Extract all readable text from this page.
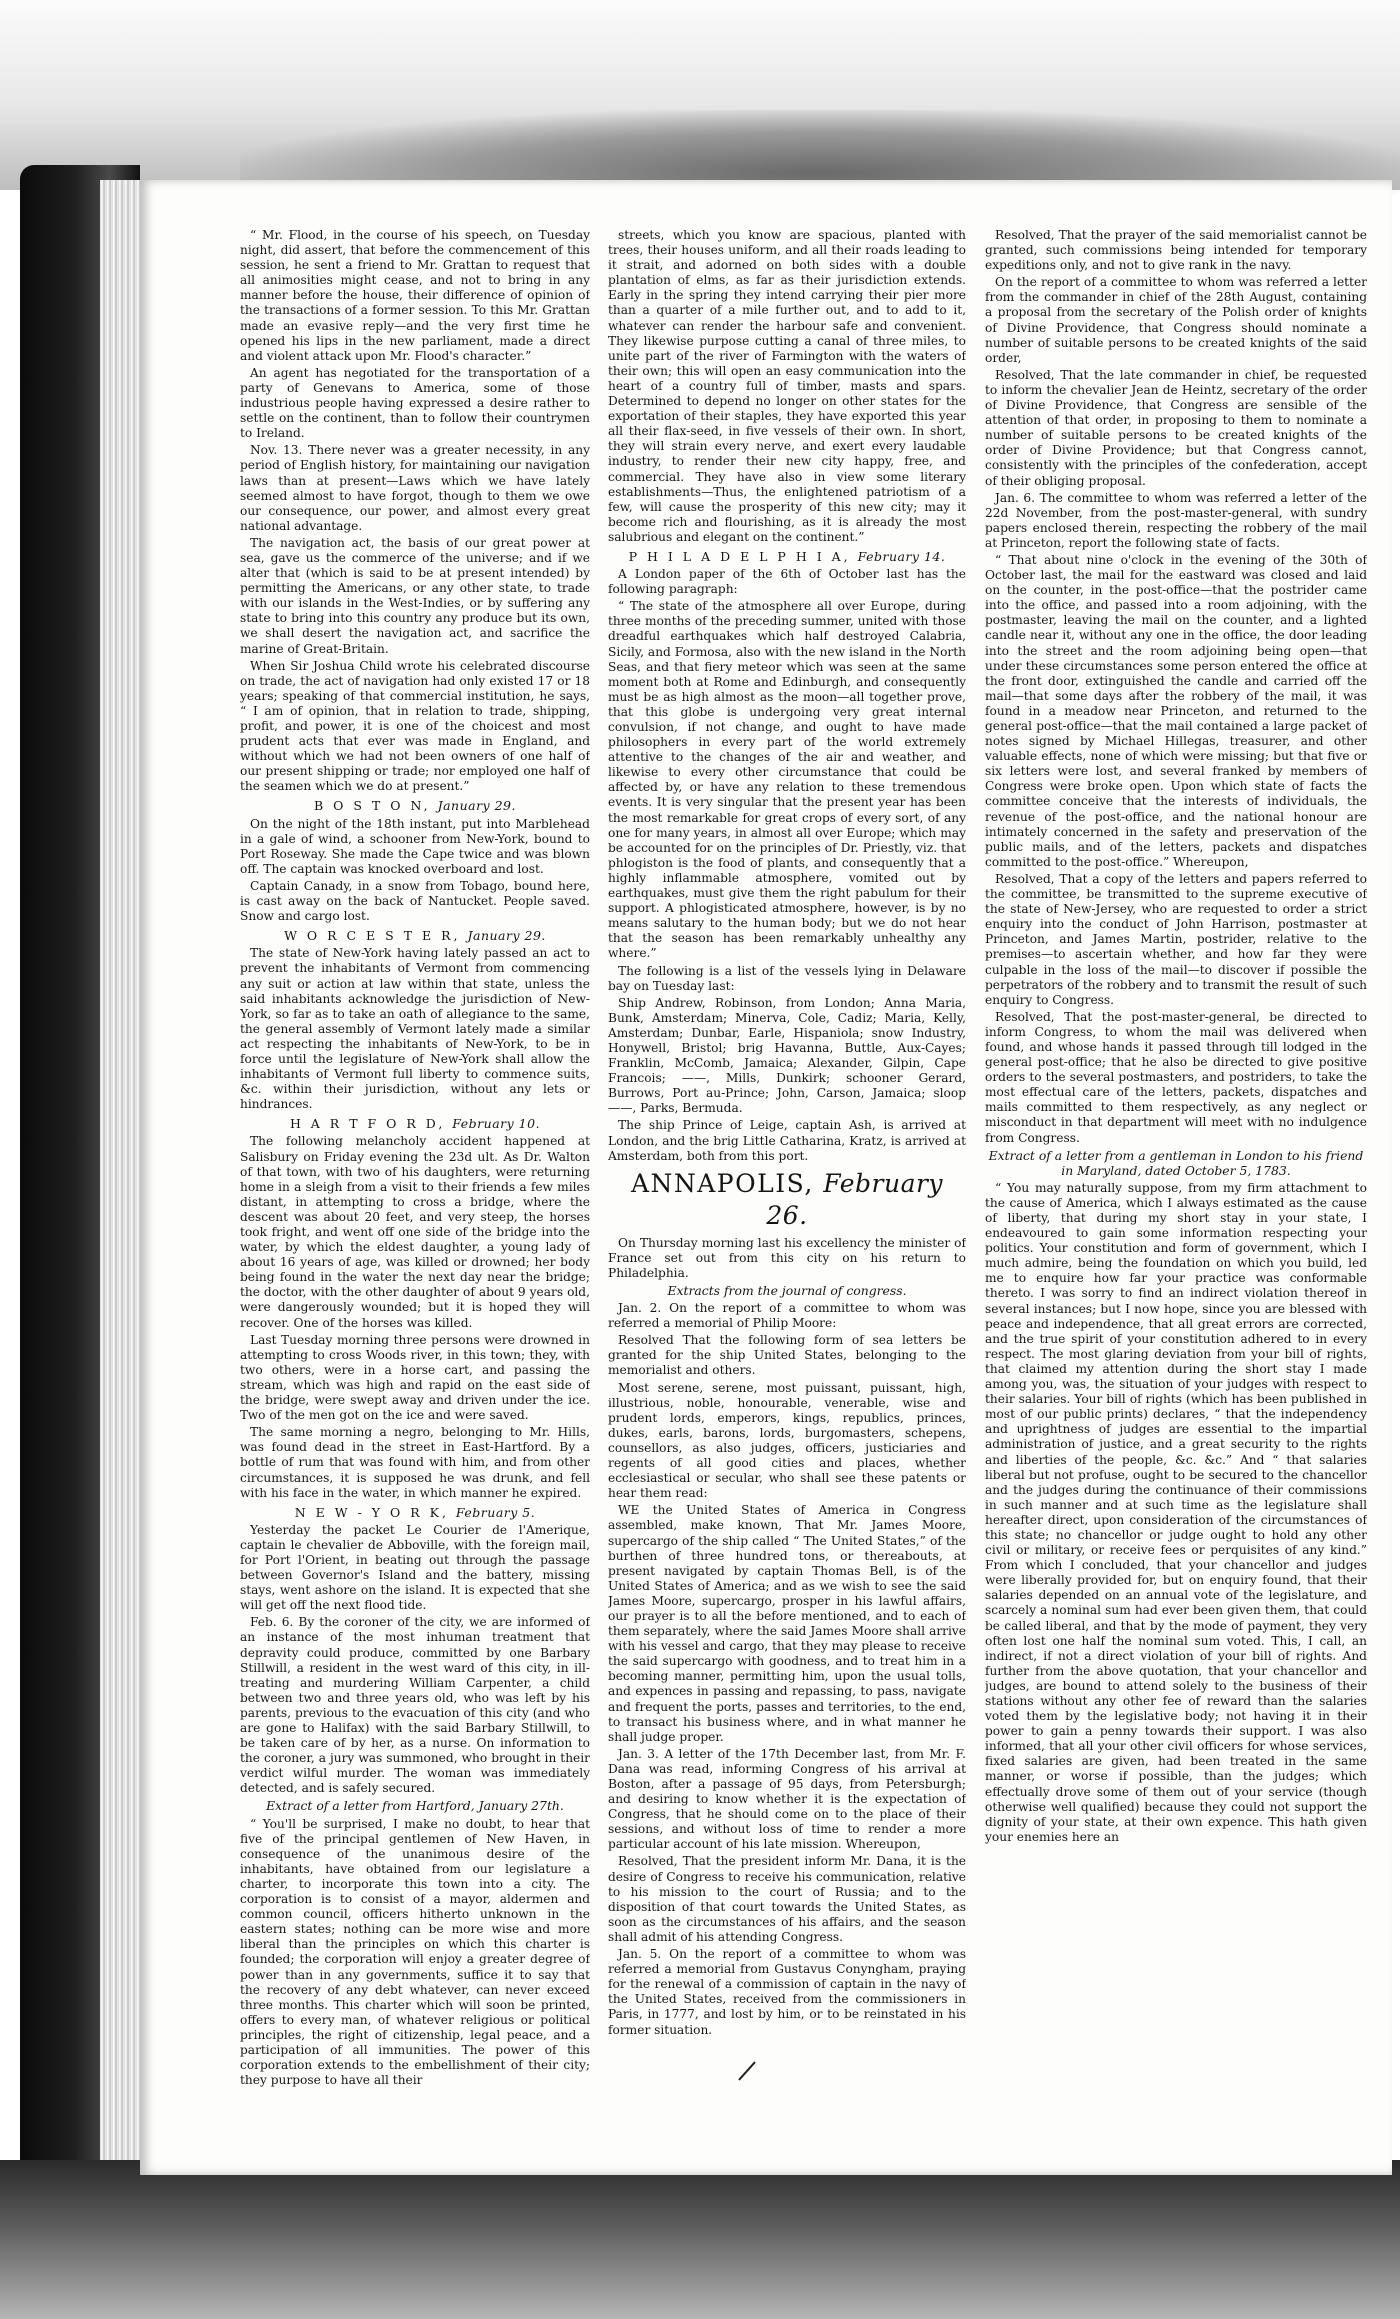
“ Mr. Flood, in the course of his speech, on Tuesday night, did assert, that before the commencement of this session, he sent a friend to Mr. Grattan to request that all animosities might cease, and not to bring in any manner before the house, their difference of opinion of the transactions of a former session. To this Mr. Grattan made an evasive reply—and the very first time he opened his lips in the new parliament, made a direct and violent attack upon Mr. Flood's character.”

An agent has negotiated for the transportation of a party of Genevans to America, some of those industrious people having expressed a desire rather to settle on the continent, than to follow their countrymen to Ireland.

Nov. 13. There never was a greater necessity, in any period of English history, for maintaining our navigation laws than at present—Laws which we have lately seemed almost to have forgot, though to them we owe our consequence, our power, and almost every great national advantage.

The navigation act, the basis of our great power at sea, gave us the commerce of the universe; and if we alter that (which is said to be at present intended) by permitting the Americans, or any other state, to trade with our islands in the West-Indies, or by suffering any state to bring into this country any produce but its own, we shall desert the navigation act, and sacrifice the marine of Great-Britain.

When Sir Joshua Child wrote his celebrated discourse on trade, the act of navigation had only existed 17 or 18 years; speaking of that commercial institution, he says, “ I am of opinion, that in relation to trade, shipping, profit, and power, it is one of the choicest and most prudent acts that ever was made in England, and without which we had not been owners of one half of our present shipping or trade; nor employed one half of the seamen which we do at present.”

B O S T O N, January 29.

On the night of the 18th instant, put into Marblehead in a gale of wind, a schooner from New-York, bound to Port Roseway. She made the Cape twice and was blown off. The captain was knocked overboard and lost.

Captain Canady, in a snow from Tobago, bound here, is cast away on the back of Nantucket. People saved. Snow and cargo lost.

W O R C E S T E R, January 29.

The state of New-York having lately passed an act to prevent the inhabitants of Vermont from commencing any suit or action at law within that state, unless the said inhabitants acknowledge the jurisdiction of New-York, so far as to take an oath of allegiance to the same, the general assembly of Vermont lately made a similar act respecting the inhabitants of New-York, to be in force until the legislature of New-York shall allow the inhabitants of Vermont full liberty to commence suits, &c. within their jurisdiction, without any lets or hindrances.

H A R T F O R D, February 10.

The following melancholy accident happened at Salisbury on Friday evening the 23d ult. As Dr. Walton of that town, with two of his daughters, were returning home in a sleigh from a visit to their friends a few miles distant, in attempting to cross a bridge, where the descent was about 20 feet, and very steep, the horses took fright, and went off one side of the bridge into the water, by which the eldest daughter, a young lady of about 16 years of age, was killed or drowned; her body being found in the water the next day near the bridge; the doctor, with the other daughter of about 9 years old, were dangerously wounded; but it is hoped they will recover. One of the horses was killed.

Last Tuesday morning three persons were drowned in attempting to cross Woods river, in this town; they, with two others, were in a horse cart, and passing the stream, which was high and rapid on the east side of the bridge, were swept away and driven under the ice. Two of the men got on the ice and were saved.

The same morning a negro, belonging to Mr. Hills, was found dead in the street in East-Hartford. By a bottle of rum that was found with him, and from other circumstances, it is supposed he was drunk, and fell with his face in the water, in which manner he expired.

N E W - Y O R K, February 5.

Yesterday the packet Le Courier de l'Amerique, captain le chevalier de Abboville, with the foreign mail, for Port l'Orient, in beating out through the passage between Governor's Island and the battery, missing stays, went ashore on the island. It is expected that she will get off the next flood tide.

Feb. 6. By the coroner of the city, we are informed of an instance of the most inhuman treatment that depravity could produce, committed by one Barbary Stillwill, a resident in the west ward of this city, in ill-treating and murdering William Carpenter, a child between two and three years old, who was left by his parents, previous to the evacuation of this city (and who are gone to Halifax) with the said Barbary Stillwill, to be taken care of by her, as a nurse. On information to the coroner, a jury was summoned, who brought in their verdict wilful murder. The woman was immediately detected, and is safely secured.

Extract of a letter from Hartford, January 27th.

“ You'll be surprised, I make no doubt, to hear that five of the principal gentlemen of New Haven, in consequence of the unanimous desire of the inhabitants, have obtained from our legislature a charter, to incorporate this town into a city. The corporation is to consist of a mayor, aldermen and common council, officers hitherto unknown in the eastern states; nothing can be more wise and more liberal than the principles on which this charter is founded; the corporation will enjoy a greater degree of power than in any governments, suffice it to say that the recovery of any debt whatever, can never exceed three months. This charter which will soon be printed, offers to every man, of whatever religious or political principles, the right of citizenship, legal peace, and a participation of all immunities. The power of this corporation extends to the embellishment of their city; they purpose to have all their

streets, which you know are spacious, planted with trees, their houses uniform, and all their roads leading to it strait, and adorned on both sides with a double plantation of elms, as far as their jurisdiction extends. Early in the spring they intend carrying their pier more than a quarter of a mile further out, and to add to it, whatever can render the harbour safe and convenient. They likewise purpose cutting a canal of three miles, to unite part of the river of Farmington with the waters of their own; this will open an easy communication into the heart of a country full of timber, masts and spars. Determined to depend no longer on other states for the exportation of their staples, they have exported this year all their flax-seed, in five vessels of their own. In short, they will strain every nerve, and exert every laudable industry, to render their new city happy, free, and commercial. They have also in view some literary establishments—Thus, the enlightened patriotism of a few, will cause the prosperity of this new city; may it become rich and flourishing, as it is already the most salubrious and elegant on the continent.”

P H I L A D E L P H I A, February 14.

A London paper of the 6th of October last has the following paragraph:

“ The state of the atmosphere all over Europe, during three months of the preceding summer, united with those dreadful earthquakes which half destroyed Calabria, Sicily, and Formosa, also with the new island in the North Seas, and that fiery meteor which was seen at the same moment both at Rome and Edinburgh, and consequently must be as high almost as the moon—all together prove, that this globe is undergoing very great internal convulsion, if not change, and ought to have made philosophers in every part of the world extremely attentive to the changes of the air and weather, and likewise to every other circumstance that could be affected by, or have any relation to these tremendous events. It is very singular that the present year has been the most remarkable for great crops of every sort, of any one for many years, in almost all over Europe; which may be accounted for on the principles of Dr. Priestly, viz. that phlogiston is the food of plants, and consequently that a highly inflammable atmosphere, vomited out by earthquakes, must give them the right pabulum for their support. A phlogisticated atmosphere, however, is by no means salutary to the human body; but we do not hear that the season has been remarkably unhealthy any where.”

The following is a list of the vessels lying in Delaware bay on Tuesday last:

Ship Andrew, Robinson, from London; Anna Maria, Bunk, Amsterdam; Minerva, Cole, Cadiz; Maria, Kelly, Amsterdam; Dunbar, Earle, Hispaniola; snow Industry, Honywell, Bristol; brig Havanna, Buttle, Aux-Cayes; Franklin, McComb, Jamaica; Alexander, Gilpin, Cape Francois; ——, Mills, Dunkirk; schooner Gerard, Burrows, Port au-Prince; John, Carson, Jamaica; sloop ——, Parks, Bermuda.

The ship Prince of Leige, captain Ash, is arrived at London, and the brig Little Catharina, Kratz, is arrived at Amsterdam, both from this port.

ANNAPOLIS, February 26.

On Thursday morning last his excellency the minister of France set out from this city on his return to Philadelphia.

Extracts from the journal of congress.

Jan. 2. On the report of a committee to whom was referred a memorial of Philip Moore:

Resolved That the following form of sea letters be granted for the ship United States, belonging to the memorialist and others.

Most serene, serene, most puissant, puissant, high, illustrious, noble, honourable, venerable, wise and prudent lords, emperors, kings, republics, princes, dukes, earls, barons, lords, burgomasters, schepens, counsellors, as also judges, officers, justiciaries and regents of all good cities and places, whether ecclesiastical or secular, who shall see these patents or hear them read:

WE the United States of America in Congress assembled, make known, That Mr. James Moore, supercargo of the ship called “ The United States,” of the burthen of three hundred tons, or thereabouts, at present navigated by captain Thomas Bell, is of the United States of America; and as we wish to see the said James Moore, supercargo, prosper in his lawful affairs, our prayer is to all the before mentioned, and to each of them separately, where the said James Moore shall arrive with his vessel and cargo, that they may please to receive the said supercargo with goodness, and to treat him in a becoming manner, permitting him, upon the usual tolls, and expences in passing and repassing, to pass, navigate and frequent the ports, passes and territories, to the end, to transact his business where, and in what manner he shall judge proper.

Jan. 3. A letter of the 17th December last, from Mr. F. Dana was read, informing Congress of his arrival at Boston, after a passage of 95 days, from Petersburgh; and desiring to know whether it is the expectation of Congress, that he should come on to the place of their sessions, and without loss of time to render a more particular account of his late mission. Whereupon,

Resolved, That the president inform Mr. Dana, it is the desire of Congress to receive his communication, relative to his mission to the court of Russia; and to the disposition of that court towards the United States, as soon as the circumstances of his affairs, and the season shall admit of his attending Congress.

Jan. 5. On the report of a committee to whom was referred a memorial from Gustavus Conyngham, praying for the renewal of a commission of captain in the navy of the United States, received from the commissioners in Paris, in 1777, and lost by him, or to be reinstated in his former situation.

Resolved, That the prayer of the said memorialist cannot be granted, such commissions being intended for temporary expeditions only, and not to give rank in the navy.

On the report of a committee to whom was referred a letter from the commander in chief of the 28th August, containing a proposal from the secretary of the Polish order of knights of Divine Providence, that Congress should nominate a number of suitable persons to be created knights of the said order,

Resolved, That the late commander in chief, be requested to inform the chevalier Jean de Heintz, secretary of the order of Divine Providence, that Congress are sensible of the attention of that order, in proposing to them to nominate a number of suitable persons to be created knights of the order of Divine Providence; but that Congress cannot, consistently with the principles of the confederation, accept of their obliging proposal.

Jan. 6. The committee to whom was referred a letter of the 22d November, from the post-master-general, with sundry papers enclosed therein, respecting the robbery of the mail at Princeton, report the following state of facts.

“ That about nine o'clock in the evening of the 30th of October last, the mail for the eastward was closed and laid on the counter, in the post-office—that the postrider came into the office, and passed into a room adjoining, with the postmaster, leaving the mail on the counter, and a lighted candle near it, without any one in the office, the door leading into the street and the room adjoining being open—that under these circumstances some person entered the office at the front door, extinguished the candle and carried off the mail—that some days after the robbery of the mail, it was found in a meadow near Princeton, and returned to the general post-office—that the mail contained a large packet of notes signed by Michael Hillegas, treasurer, and other valuable effects, none of which were missing; but that five or six letters were lost, and several franked by members of Congress were broke open. Upon which state of facts the committee conceive that the interests of individuals, the revenue of the post-office, and the national honour are intimately concerned in the safety and preservation of the public mails, and of the letters, packets and dispatches committed to the post-office.” Whereupon,

Resolved, That a copy of the letters and papers referred to the committee, be transmitted to the supreme executive of the state of New-Jersey, who are requested to order a strict enquiry into the conduct of John Harrison, postmaster at Princeton, and James Martin, postrider, relative to the premises—to ascertain whether, and how far they were culpable in the loss of the mail—to discover if possible the perpetrators of the robbery and to transmit the result of such enquiry to Congress.

Resolved, That the post-master-general, be directed to inform Congress, to whom the mail was delivered when found, and whose hands it passed through till lodged in the general post-office; that he also be directed to give positive orders to the several postmasters, and postriders, to take the most effectual care of the letters, packets, dispatches and mails committed to them respectively, as any neglect or misconduct in that department will meet with no indulgence from Congress.

Extract of a letter from a gentleman in London to his friend in Maryland, dated October 5, 1783.

“ You may naturally suppose, from my firm attachment to the cause of America, which I always estimated as the cause of liberty, that during my short stay in your state, I endeavoured to gain some information respecting your politics. Your constitution and form of government, which I much admire, being the foundation on which you build, led me to enquire how far your practice was conformable thereto. I was sorry to find an indirect violation thereof in several instances; but I now hope, since you are blessed with peace and independence, that all great errors are corrected, and the true spirit of your constitution adhered to in every respect. The most glaring deviation from your bill of rights, that claimed my attention during the short stay I made among you, was, the situation of your judges with respect to their salaries. Your bill of rights (which has been published in most of our public prints) declares, “ that the independency and uprightness of judges are essential to the impartial administration of justice, and a great security to the rights and liberties of the people, &c. &c.” And “ that salaries liberal but not profuse, ought to be secured to the chancellor and the judges during the continuance of their commissions in such manner and at such time as the legislature shall hereafter direct, upon consideration of the circumstances of this state; no chancellor or judge ought to hold any other civil or military, or receive fees or perquisites of any kind.” From which I concluded, that your chancellor and judges were liberally provided for, but on enquiry found, that their salaries depended on an annual vote of the legislature, and scarcely a nominal sum had ever been given them, that could be called liberal, and that by the mode of payment, they very often lost one half the nominal sum voted. This, I call, an indirect, if not a direct violation of your bill of rights. And further from the above quotation, that your chancellor and judges, are bound to attend solely to the business of their stations without any other fee of reward than the salaries voted them by the legislative body; not having it in their power to gain a penny towards their support. I was also informed, that all your other civil officers for whose services, fixed salaries are given, had been treated in the same manner, or worse if possible, than the judges; which effectually drove some of them out of your service (though otherwise well qualified) because they could not support the dignity of your state, at their own expence. This hath given your enemies here an
